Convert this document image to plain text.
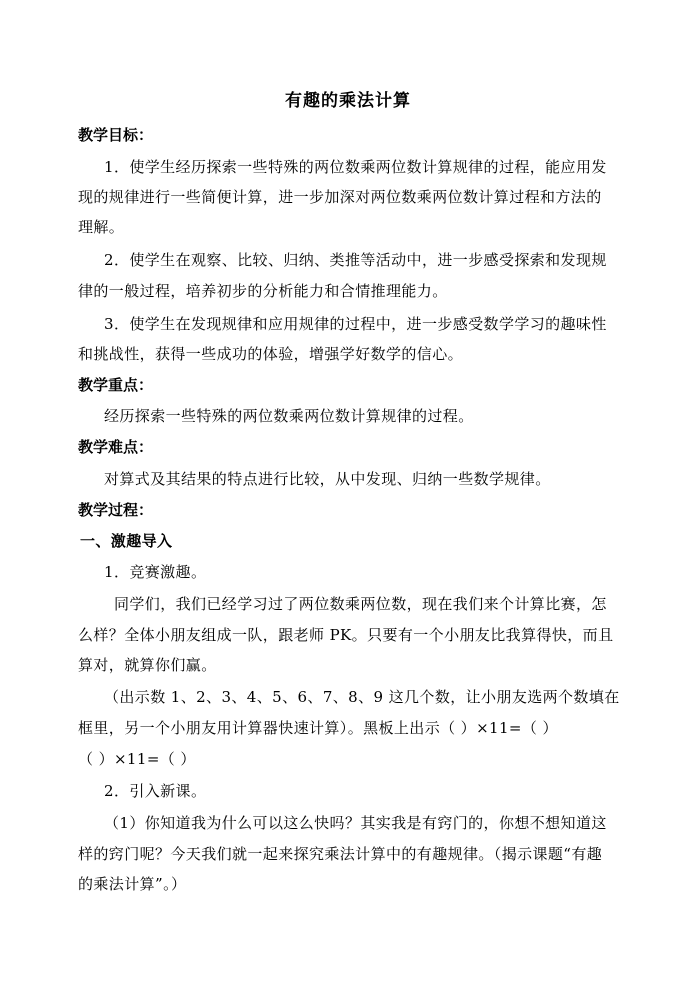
有趣的乘法计算
教学目标：
1．使学生经历探索一些特殊的两位数乘两位数计算规律的过程，能应用发
现的规律进行一些简便计算，进一步加深对两位数乘两位数计算过程和方法的
理解。
2．使学生在观察、比较、归纳、类推等活动中，进一步感受探索和发现规
律的一般过程，培养初步的分析能力和合情推理能力。
3．使学生在发现规律和应用规律的过程中，进一步感受数学学习的趣味性
和挑战性，获得一些成功的体验，增强学好数学的信心。
教学重点：
经历探索一些特殊的两位数乘两位数计算规律的过程。
教学难点：
对算式及其结果的特点进行比较，从中发现、归纳一些数学规律。
教学过程：
一、激趣导入
1．竞赛激趣。
同学们，我们已经学习过了两位数乘两位数，现在我们来个计算比赛，怎
么样？全体小朋友组成一队，跟老师 PK。只要有一个小朋友比我算得快，而且
算对，就算你们赢。
（出示数 1、2、3、4、5、6、7、8、9 这几个数，让小朋友选两个数填在
框里，另一个小朋友用计算器快速计算）。黑板上出示（ ）×11=（ ）
（ ）×11=（ ）
2．引入新课。
（1）你知道我为什么可以这么快吗？其实我是有窍门的，你想不想知道这
样的窍门呢？今天我们就一起来探究乘法计算中的有趣规律。（揭示课题“有趣
的乘法计算”。）
